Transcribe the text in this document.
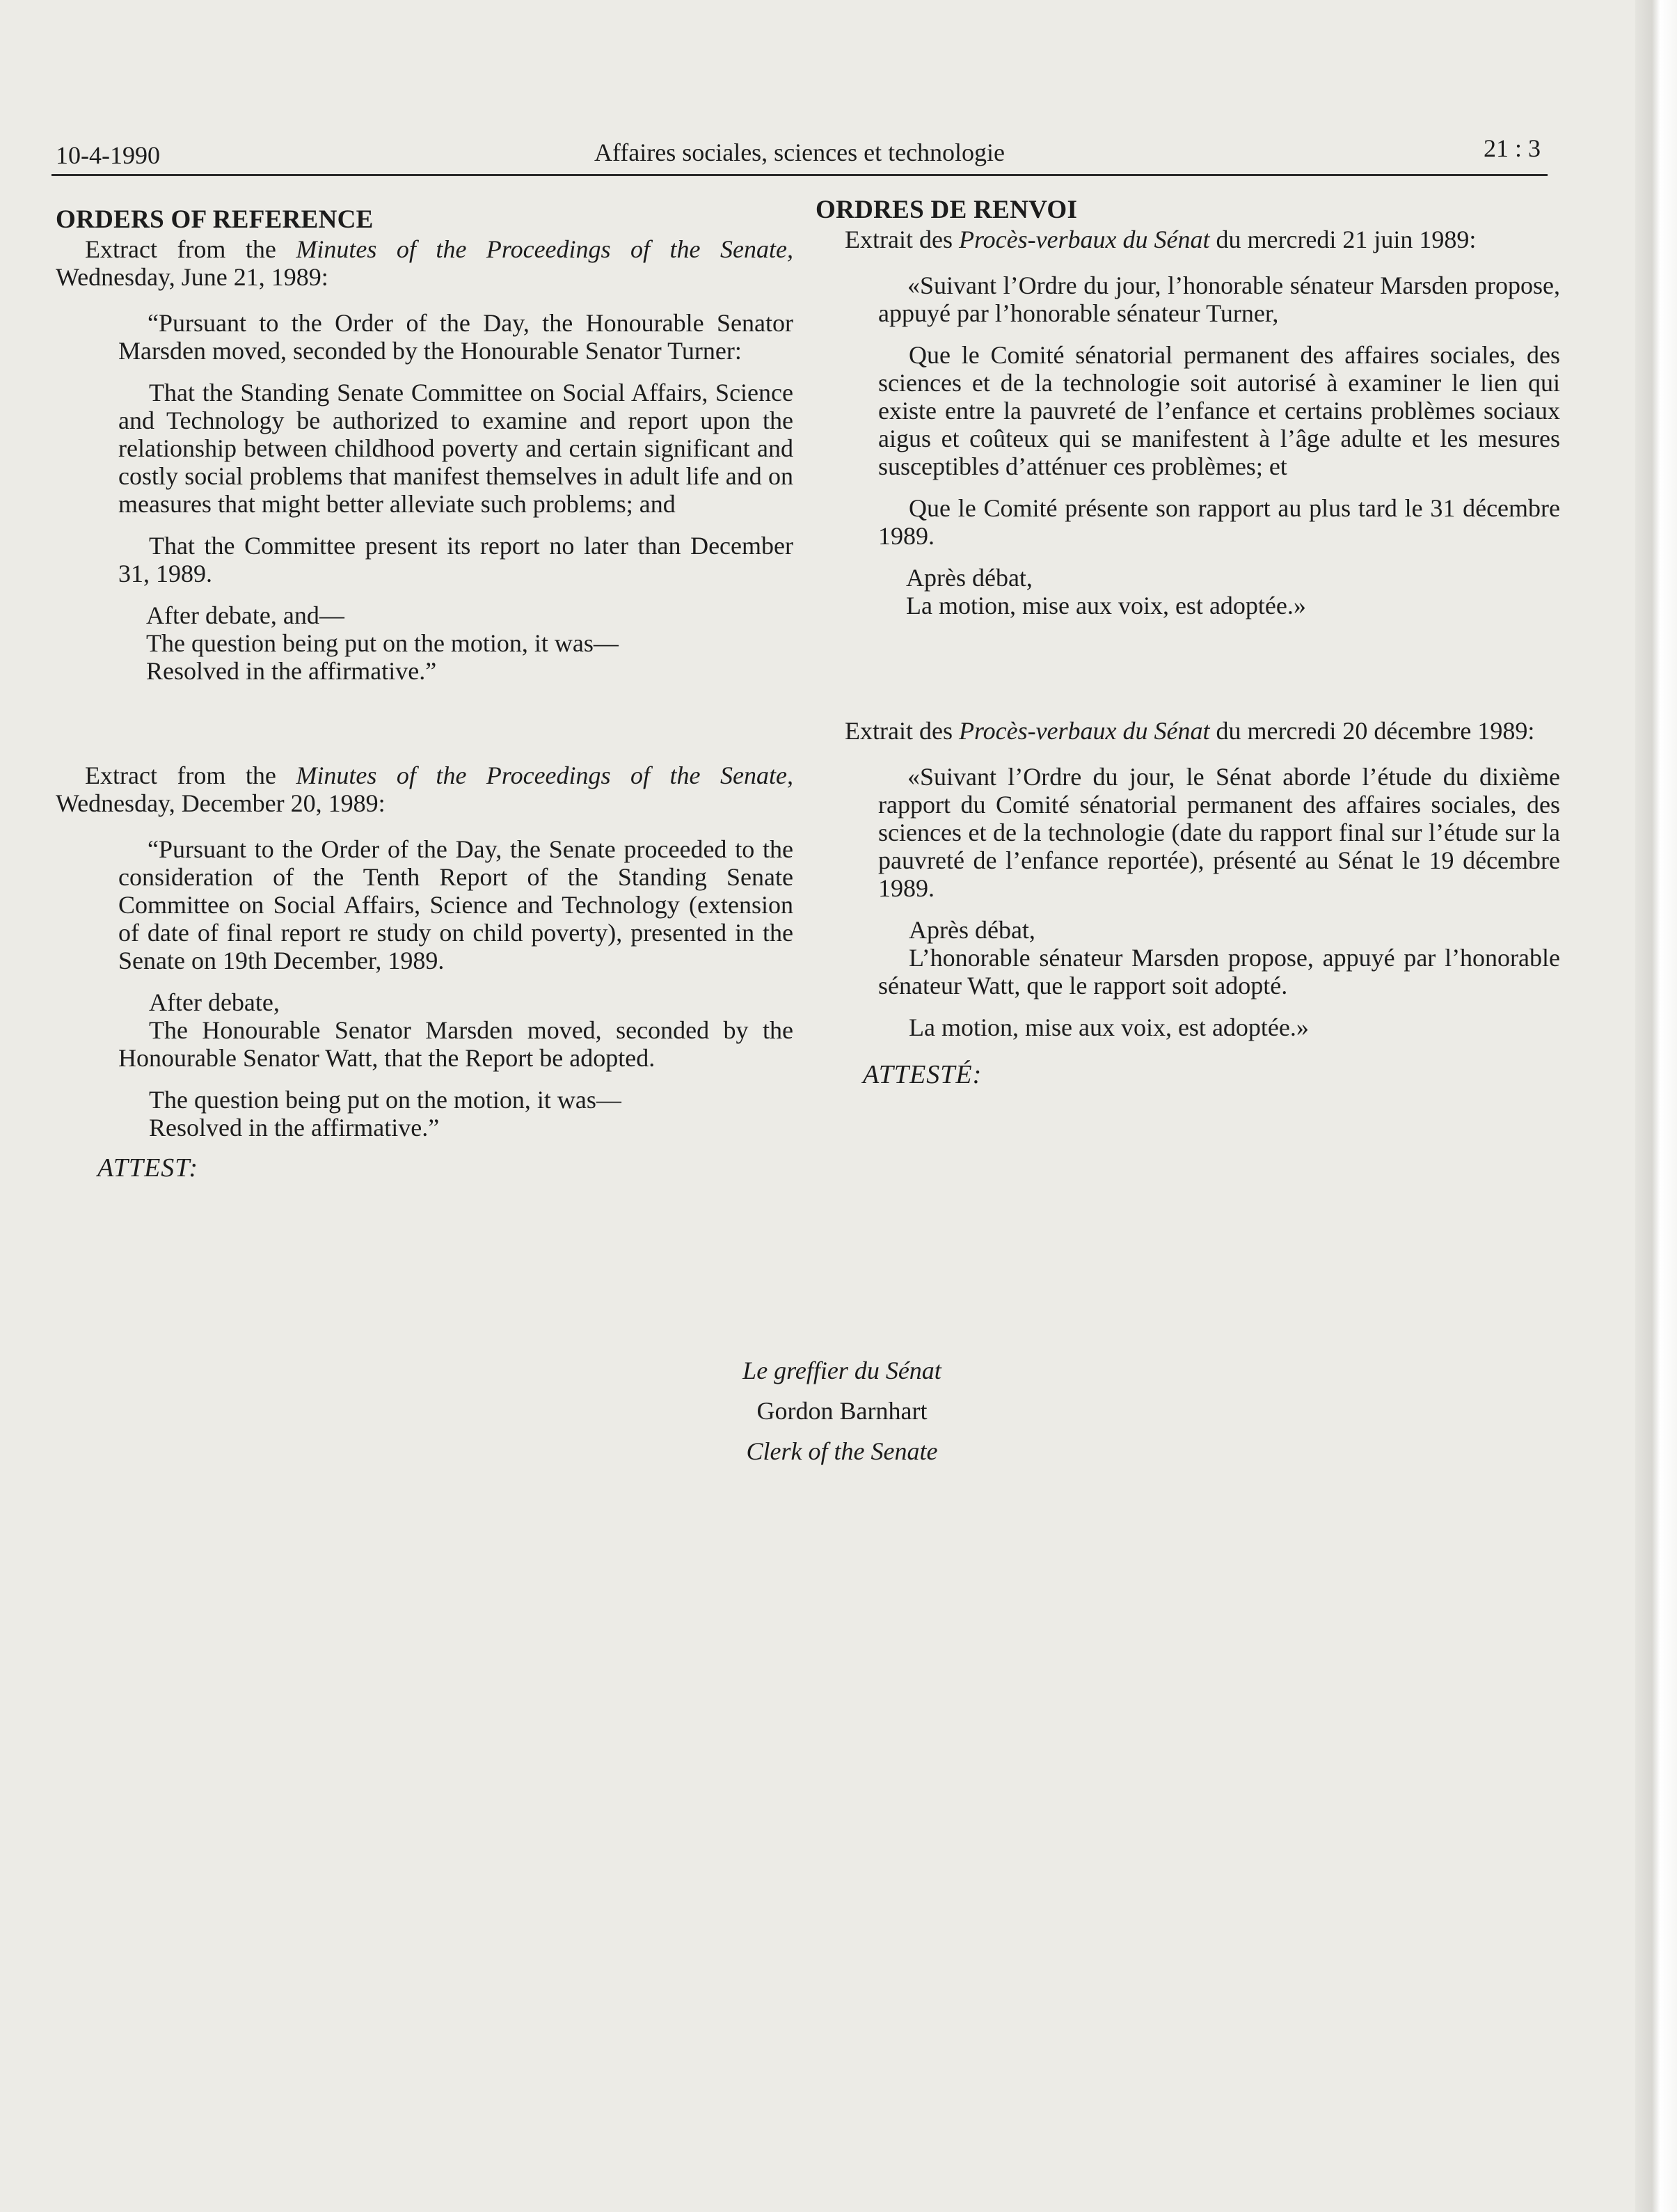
10-4-1990	Affaires sociales, sciences et technologie	21 : 3

ORDERS OF REFERENCE

Extract from the Minutes of the Proceedings of the Senate, Wednesday, June 21, 1989:

“Pursuant to the Order of the Day, the Honourable Senator Marsden moved, seconded by the Honourable Senator Turner:

That the Standing Senate Committee on Social Affairs, Science and Technology be authorized to examine and report upon the relationship between childhood poverty and certain significant and costly social problems that manifest themselves in adult life and on measures that might better alleviate such problems; and

That the Committee present its report no later than December 31, 1989.

After debate, and—

The question being put on the motion, it was—

Resolved in the affirmative.”

Extract from the Minutes of the Proceedings of the Senate, Wednesday, December 20, 1989:

“Pursuant to the Order of the Day, the Senate proceeded to the consideration of the Tenth Report of the Standing Senate Committee on Social Affairs, Science and Technology (extension of date of final report re study on child poverty), presented in the Senate on 19th December, 1989.

After debate,

The Honourable Senator Marsden moved, seconded by the Honourable Senator Watt, that the Report be adopted.

The question being put on the motion, it was—

Resolved in the affirmative.”

ATTEST:

ORDRES DE RENVOI

Extrait des Procès-verbaux du Sénat du mercredi 21 juin 1989:

«Suivant l’Ordre du jour, l’honorable sénateur Marsden propose, appuyé par l’honorable sénateur Turner,

Que le Comité sénatorial permanent des affaires sociales, des sciences et de la technologie soit autorisé à examiner le lien qui existe entre la pauvreté de l’enfance et certains problèmes sociaux aigus et coûteux qui se manifestent à l’âge adulte et les mesures susceptibles d’atténuer ces problèmes; et

Que le Comité présente son rapport au plus tard le 31 décembre 1989.

Après débat,

La motion, mise aux voix, est adoptée.»

Extrait des Procès-verbaux du Sénat du mercredi 20 décembre 1989:

«Suivant l’Ordre du jour, le Sénat aborde l’étude du dixième rapport du Comité sénatorial permanent des affaires sociales, des sciences et de la technologie (date du rapport final sur l’étude sur la pauvreté de l’enfance reportée), présenté au Sénat le 19 décembre 1989.

Après débat,

L’honorable sénateur Marsden propose, appuyé par l’honorable sénateur Watt, que le rapport soit adopté.

La motion, mise aux voix, est adoptée.»

ATTESTÉ:

Le greffier du Sénat
Gordon Barnhart
Clerk of the Senate
